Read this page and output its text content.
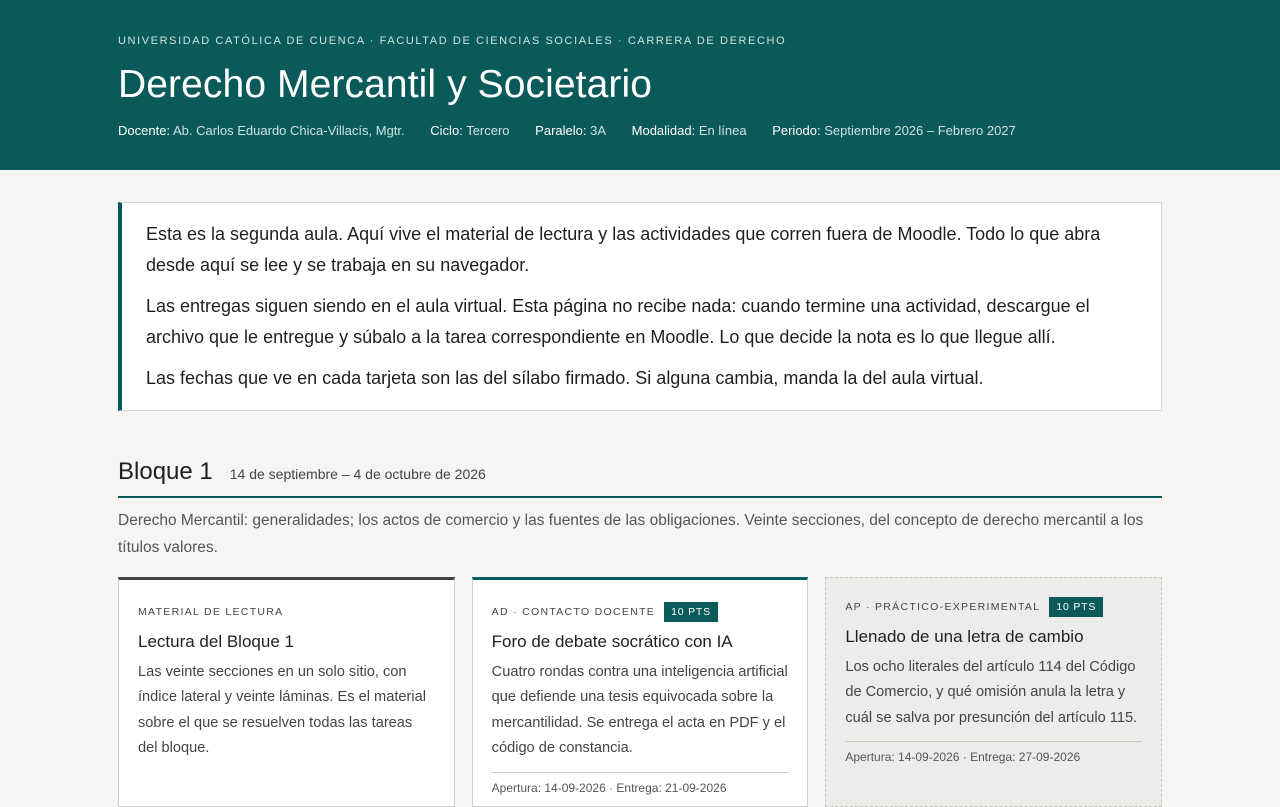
UNIVERSIDAD CATÓLICA DE CUENCA · FACULTAD DE CIENCIAS SOCIALES · CARRERA DE DERECHO
Derecho Mercantil y Societario
Docente: Ab. Carlos Eduardo Chica-Villacís, Mgtr. Ciclo: Tercero Paralelo: 3A Modalidad: En línea Periodo: Septiembre 2026 – Febrero 2027

Esta es la segunda aula. Aquí vive el material de lectura y las actividades que corren fuera de Moodle. Todo lo que abra desde aquí se lee y se trabaja en su navegador.

Las entregas siguen siendo en el aula virtual. Esta página no recibe nada: cuando termine una actividad, descargue el archivo que le entregue y súbalo a la tarea correspondiente en Moodle. Lo que decide la nota es lo que llegue allí.

Las fechas que ve en cada tarjeta son las del sílabo firmado. Si alguna cambia, manda la del aula virtual.

Bloque 1 14 de septiembre – 4 de octubre de 2026
Derecho Mercantil: generalidades; los actos de comercio y las fuentes de las obligaciones. Veinte secciones, del concepto de derecho mercantil a los títulos valores.
MATERIAL DE LECTURA
Lectura del Bloque 1
Las veinte secciones en un solo sitio, con índice lateral y veinte láminas. Es el material sobre el que se resuelven todas las tareas del bloque.
AD · CONTACTO DOCENTE	10 PTS
Foro de debate socrático con IA
Cuatro rondas contra una inteligencia artificial que defiende una tesis equivocada sobre la mercantilidad. Se entrega el acta en PDF y el código de constancia.
Apertura: 14-09-2026 · Entrega: 21-09-2026
AP · PRÁCTICO-EXPERIMENTAL	10 PTS
Llenado de una letra de cambio
Los ocho literales del artículo 114 del Código de Comercio, y qué omisión anula la letra y cuál se salva por presunción del artículo 115.
Apertura: 14-09-2026 · Entrega: 27-09-2026
